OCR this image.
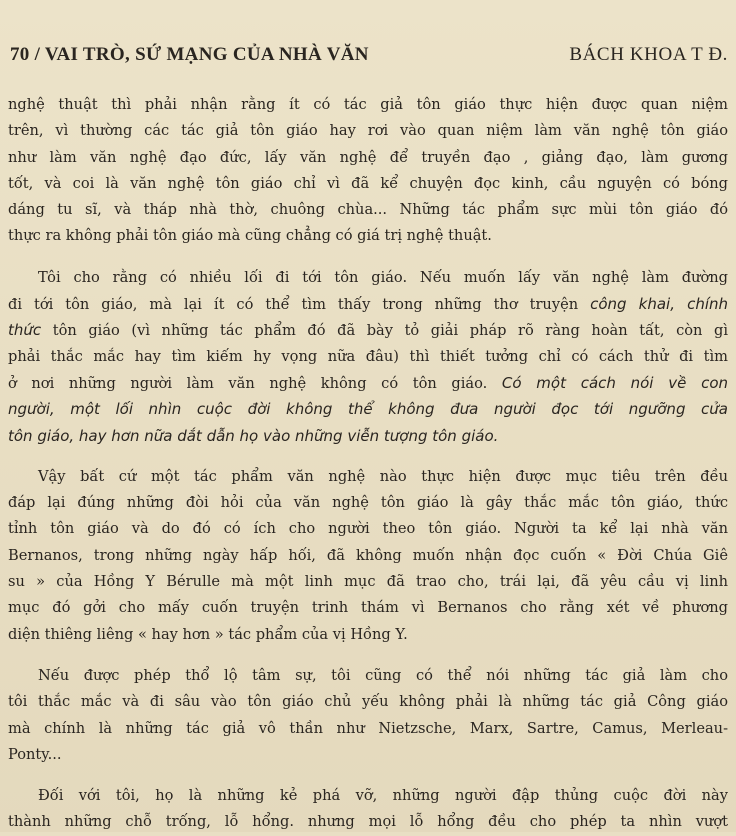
70 / VAI TRÒ, SỨ MẠNG CỦA NHÀ VĂN	BÁCH KHOA T Đ.
nghệ thuật thì phải nhận rằng ít có tác giả tôn giáo thực hiện được quan niệm
trên, vì thường các tác giả tôn giáo hay rơi vào quan niệm làm văn nghệ tôn giáo
như làm văn nghệ đạo đức, lấy văn nghệ để truyền đạo , giảng đạo, làm gương
tốt, và coi là văn nghệ tôn giáo chỉ vì đã kể chuyện đọc kinh, cầu nguyện có bóng
dáng tu sĩ, và tháp nhà thờ, chuông chùa... Những tác phẩm sực mùi tôn giáo đó
thực ra không phải tôn giáo mà cũng chẳng có giá trị nghệ thuật.
Tôi cho rằng có nhiều lối đi tới tôn giáo. Nếu muốn lấy văn nghệ làm đường
đi tới tôn giáo, mà lại ít có thể tìm thấy trong những thơ truyện công khai, chính
thức tôn giáo (vì những tác phẩm đó đã bày tỏ giải pháp rõ ràng hoàn tất, còn gì
phải thắc mắc hay tìm kiếm hy vọng nữa đâu) thì thiết tưởng chỉ có cách thử đi tìm
ở nơi những người làm văn nghệ không có tôn giáo. Có một cách nói về con
người, một lối nhìn cuộc đời không thể không đưa người đọc tới ngưỡng cửa
tôn giáo, hay hơn nữa dắt dẫn họ vào những viễn tượng tôn giáo.
Vậy bất cứ một tác phẩm văn nghệ nào thực hiện được mục tiêu trên đều
đáp lại đúng những đòi hỏi của văn nghệ tôn giáo là gây thắc mắc tôn giáo, thức
tỉnh tôn giáo và do đó có ích cho người theo tôn giáo. Người ta kể lại nhà văn
Bernanos, trong những ngày hấp hối, đã không muốn nhận đọc cuốn « Đời Chúa Giê
su » của Hồng Y Bérulle mà một linh mục đã trao cho, trái lại, đã yêu cầu vị linh
mục đó gởi cho mấy cuốn truyện trinh thám vì Bernanos cho rằng xét về phương
diện thiêng liêng « hay hơn » tác phẩm của vị Hồng Y.
Nếu được phép thổ lộ tâm sự, tôi cũng có thể nói những tác giả làm cho
tôi thắc mắc và đi sâu vào tôn giáo chủ yếu không phải là những tác giả Công giáo
mà chính là những tác giả vô thần như Nietzsche, Marx, Sartre, Camus, Merleau-
Ponty...
Đối với tôi, họ là những kẻ phá vỡ, những người đập thủng cuộc đời này
thành những chỗ trống, lỗ hổng. nhưng mọi lỗ hổng đều cho phép ta nhìn vượt
